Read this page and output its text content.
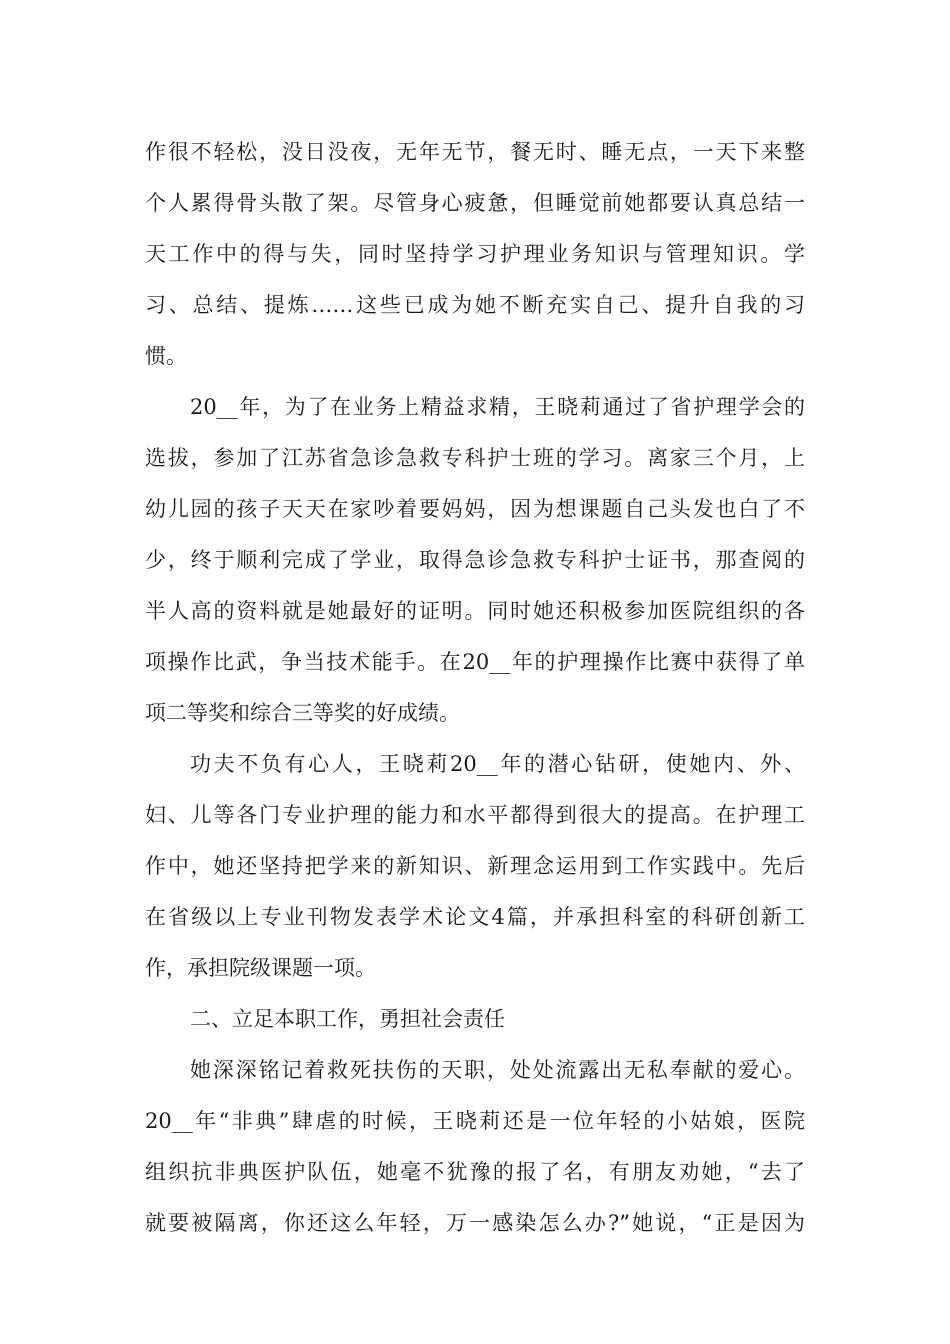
作很不轻松，没日没夜，无年无节，餐无时、睡无点，一天下来整
个人累得骨头散了架。尽管身心疲惫，但睡觉前她都要认真总结一
天工作中的得与失，同时坚持学习护理业务知识与管理知识。学
习、总结、提炼……这些已成为她不断充实自己、提升自我的习
惯。
20__年，为了在业务上精益求精，王晓莉通过了省护理学会的
选拔，参加了江苏省急诊急救专科护士班的学习。离家三个月，上
幼儿园的孩子天天在家吵着要妈妈，因为想课题自己头发也白了不
少，终于顺利完成了学业，取得急诊急救专科护士证书，那查阅的
半人高的资料就是她最好的证明。同时她还积极参加医院组织的各
项操作比武，争当技术能手。在20__年的护理操作比赛中获得了单
项二等奖和综合三等奖的好成绩。
功夫不负有心人，王晓莉20__年的潜心钻研，使她内、外、
妇、儿等各门专业护理的能力和水平都得到很大的提高。在护理工
作中，她还坚持把学来的新知识、新理念运用到工作实践中。先后
在省级以上专业刊物发表学术论文4篇，并承担科室的科研创新工
作，承担院级课题一项。
二、立足本职工作，勇担社会责任
她深深铭记着救死扶伤的天职，处处流露出无私奉献的爱心。
20__年“非典”肆虐的时候，王晓莉还是一位年轻的小姑娘，医院
组织抗非典医护队伍，她毫不犹豫的报了名，有朋友劝她，“去了
就要被隔离，你还这么年轻，万一感染怎么办?”她说，“正是因为
